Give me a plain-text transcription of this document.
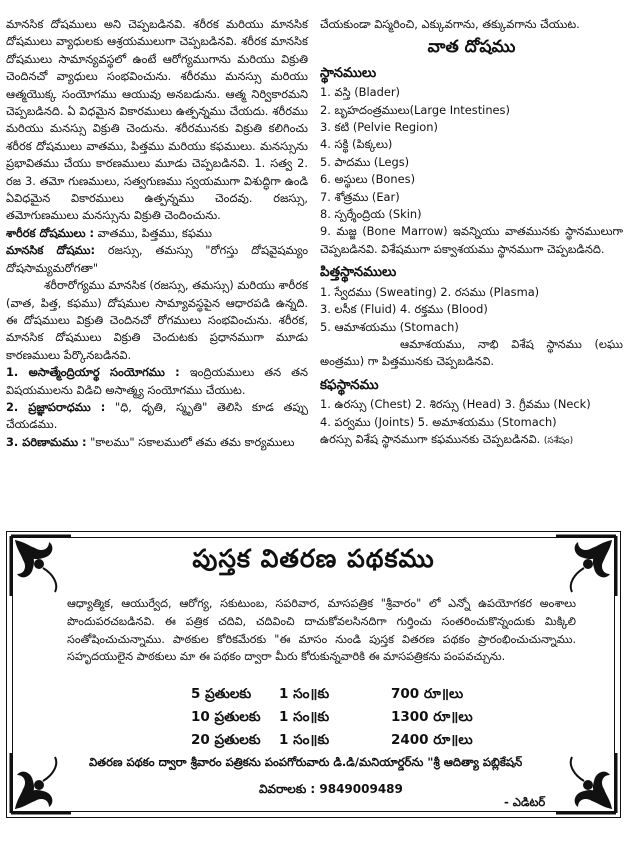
మానసిక దోషములు అని చెప్పబడినవి. శరీరక మరియు మానసిక దోషములు వ్యాధులకు ఆశ్రయములుగా చెప్పబడినవి. శరీరక మానసిక దోషములు సామాన్యవస్థలో ఉంటే ఆరోగ్యముగాను మరియు విక్రుతి చెందినచో వ్యాధులు సంభవించును. శరీరము మనస్సు మరియు ఆత్మయొక్క సంయోగము ఆయువు అనబడును. ఆత్మ నిర్వికారమని చెప్పబడినది. ఏ విధమైన వికారములు ఉత్పన్నము చేయదు. శరీరము మరియు మనస్సు విక్రుతి చెందును. శరీరమునకు విక్రుతి కలిగించు శరీరక దోషములు వాతము, పిత్తము మరియు కఫములు. మనస్సును ప్రభావితము చేయు కారణములు మూడు చెప్పబడినవి. 1. సత్వ 2. రజ 3. తమో గుణములు, సత్వగుణము స్వయముగా విశుద్ధిగా ఉండి ఏవిధమైన వికారములు ఉత్పన్నము చెందవు. రజస్సు, తమోగుణములు మనస్సును విక్రుతి చెందించును.

శారీరక దోషములు : వాతము, పిత్తము, కఫము

మానసిక దోషము: రజస్సు, తమస్సు "రోగస్తు దోషవైషమ్యం దోషసామ్యమరోగతా"

శరీరారోగ్యము మానసిక (రజస్సు, తమస్సు) మరియు శారీరక (వాత, పిత్త, కఫము) దోషముల సామ్యావస్థపైన ఆధారపడి ఉన్నది. ఈ దోషములు విక్రుతి చెందినచో రోగములు సంభవించును. శరీరక, మానసిక దోషములు విక్రుతి చెందుటకు ప్రధానముగా మూడు కారణములు పేర్కొనబడినవి.

1. అసాత్మేంద్రియార్థ సంయోగము : ఇంద్రియములు తన తన విషయములను విడిచి అసాత్మ్య సంయోగము చేయుట.

2. ప్రజ్ఞాపరాధము : "ధి, ధృతి, స్మృతి" తెలిసి కూడ తప్పు చేయడము.

3. పరిణామము : "కాలము" సకాలములో తమ తమ కార్యములు

చేయకుండా విస్మరించి, ఎక్కువగాను, తక్కువగాను చేయుట.

వాత దోషము
స్థానములు

1. వస్తి (Blader)

2. బృహదంత్రములు(Large Intestines)

3. కటి (Pelvie Region)

4. సక్థి (పిక్కలు)

5. పాదము (Legs)

6. అస్థులు (Bones)

7. శోత్రము (Ear)

8. స్పర్శేంద్రియ (Skin)

9. మజ్జ (Bone Marrow) ఇవన్నియు వాతమునకు స్థానములుగా చెప్పబడినవి. విశేషముగా పక్వాశయము స్థానముగా చెప్పబడినది.

పిత్తస్థానములు

1. స్వేదము (Sweating) 2. రసము (Plasma)

3. లసీక (Fluid) 4. రక్తము (Blood)

5. ఆమాశయము (Stomach)

ఆమాశయము, నాభి విశేష స్థానము (లఘు అంత్రము) గా పిత్తమునకు చెప్పబడినవి.

కఫస్థానము

1. ఉరస్సు (Chest) 2. శిరస్సు (Head) 3. గ్రీవము (Neck)

4. పర్వము (Joints) 5. అమాశయము (Stomach)

ఉరస్సు విశేష స్థానముగా కఫమునకు చెప్పబడినవి. (సశేషం)

పుస్తక వితరణ పథకము

ఆధ్యాత్మిక, ఆయుర్వేద, ఆరోగ్య, సకుటుంబ, సపరివార, మాసపత్రిక "శ్రీవారం" లో ఎన్నో ఉపయోగకర అంశాలు పొందుపరచబడినవి. ఈ పత్రిక చదివి, చదివించి దాచుకోవలసినదిగా గుర్తించు సంతరించుకొన్నందుకు మిక్కిలి సంతోషించుచున్నాము. పాఠకుల కోరికమేరకు "ఈ మాసం నుండి పుస్తక వితరణ పథకం ప్రారంభించుచున్నాము. సహృదయులైన పాఠకులు మా ఈ పథకం ద్వారా మీరు కోరుకున్నవారికి ఈ మాసపత్రికను పంపవచ్చును.

5 ప్రతులకు 1 సం॥కు	700 రూ॥లు
10 ప్రతులకు 1 సం॥కు	1300 రూ॥లు
20 ప్రతులకు 1 సం॥కు	2400 రూ॥లు
వితరణ పథకం ద్వారా శ్రీవారం పత్రికను పంపగోరువారు డి.డి/మనియార్డర్‌ను "శ్రీ ఆదిత్యా పబ్లికేషన్
వివరాలకు : 9849009489
- ఎడిటర్
